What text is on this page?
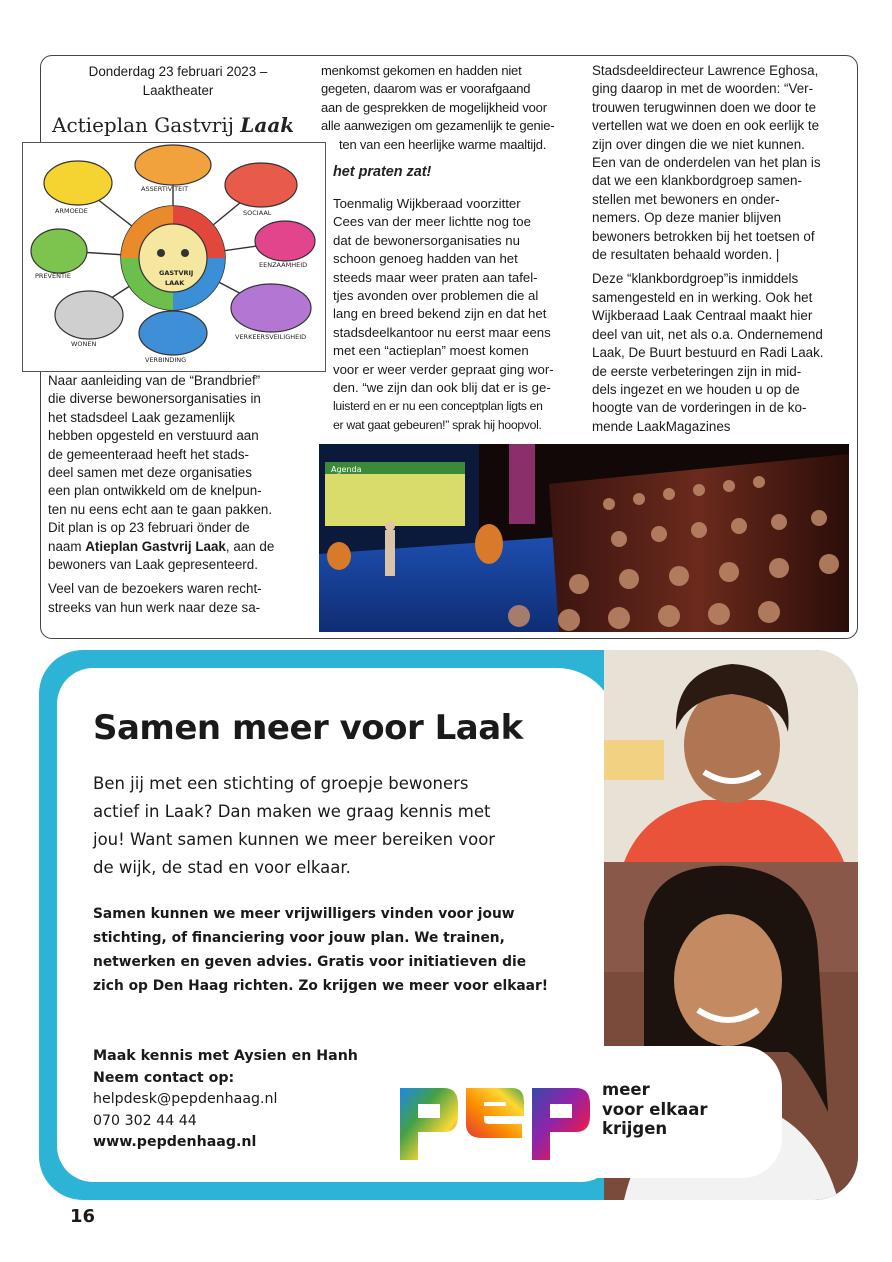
Donderdag 23 februari 2023 –
Laaktheater
Actieplan Gastvrij Laak
ARMOEDE
ASSERTIVITEIT
SOCIAAL
EENZAAMHEID
VERKEERSVEILIGHEID
VERBINDING
WONEN
PREVENTIE	GASTVRIJ
LAAK

Naar aanleiding van de “Brandbrief”

die diverse bewonersorganisaties in

het stadsdeel Laak gezamenlijk

hebben opgesteld en verstuurd aan

de gemeenteraad heeft het stads-

deel samen met deze organisaties

een plan ontwikkeld om de knelpun-

ten nu eens echt aan te gaan pakken.

Dit plan is op 23 februari önder de

naam Atieplan Gastvrij Laak, aan de

bewoners van Laak gepresenteerd.

Veel van de bezoekers waren recht-

streeks van hun werk naar deze sa-

menkomst gekomen en hadden niet

gegeten, daarom was er voorafgaand

aan de gesprekken de mogelijkheid voor

alle aanwezigen om gezamenlijk te genie-

ten van een heerlijke warme maaltijd.

het praten zat!

Toenmalig Wijkberaad voorzitter

Cees van der meer lichtte nog toe

dat de bewonersorganisaties nu

schoon genoeg hadden van het

steeds maar weer praten aan tafel-

tjes avonden over problemen die al

lang en breed bekend zijn en dat het

stadsdeelkantoor nu eerst maar eens

met een “actieplan” moest komen

voor er weer verder gepraat ging wor-

den. “we zijn dan ook blij dat er is ge-

luisterd en er nu een conceptplan ligts en

er wat gaat gebeuren!” sprak hij hoopvol.

Stadsdeeldirecteur Lawrence Eghosa,

ging daarop in met de woorden: “Ver-

trouwen terugwinnen doen we door te

vertellen wat we doen en ook eerlijk te

zijn over dingen die we niet kunnen.

Een van de onderdelen van het plan is

dat we een klankbordgroep samen-

stellen met bewoners en onder-

nemers. Op deze manier blijven

bewoners betrokken bij het toetsen of

de resultaten behaald worden. |

Deze “klankbordgroep”is inmiddels

samengesteld en in werking. Ook het

Wijkberaad Laak Centraal maakt hier

deel van uit, net als o.a. Ondernemend

Laak, De Buurt bestuurd en Radi Laak.

de eerste verbeteringen zijn in mid-

dels ingezet en we houden u op de

hoogte van de vorderingen in de ko-

mende LaakMagazines

Agenda
Samen meer voor Laak
Ben jij met een stichting of groepje bewoners
actief in Laak? Dan maken we graag kennis met
jou! Want samen kunnen we meer bereiken voor
de wijk, de stad en voor elkaar.
Samen kunnen we meer vrijwilligers vinden voor jouw
stichting, of financiering voor jouw plan. We trainen,
netwerken en geven advies. Gratis voor initiatieven die
zich op Den Haag richten. Zo krijgen we meer voor elkaar!
Maak kennis met Aysien en Hanh
Neem contact op:
helpdesk@pepdenhaag.nl
070 302 44 44
www.pepdenhaag.nl
meer
voor elkaar
krijgen
16
